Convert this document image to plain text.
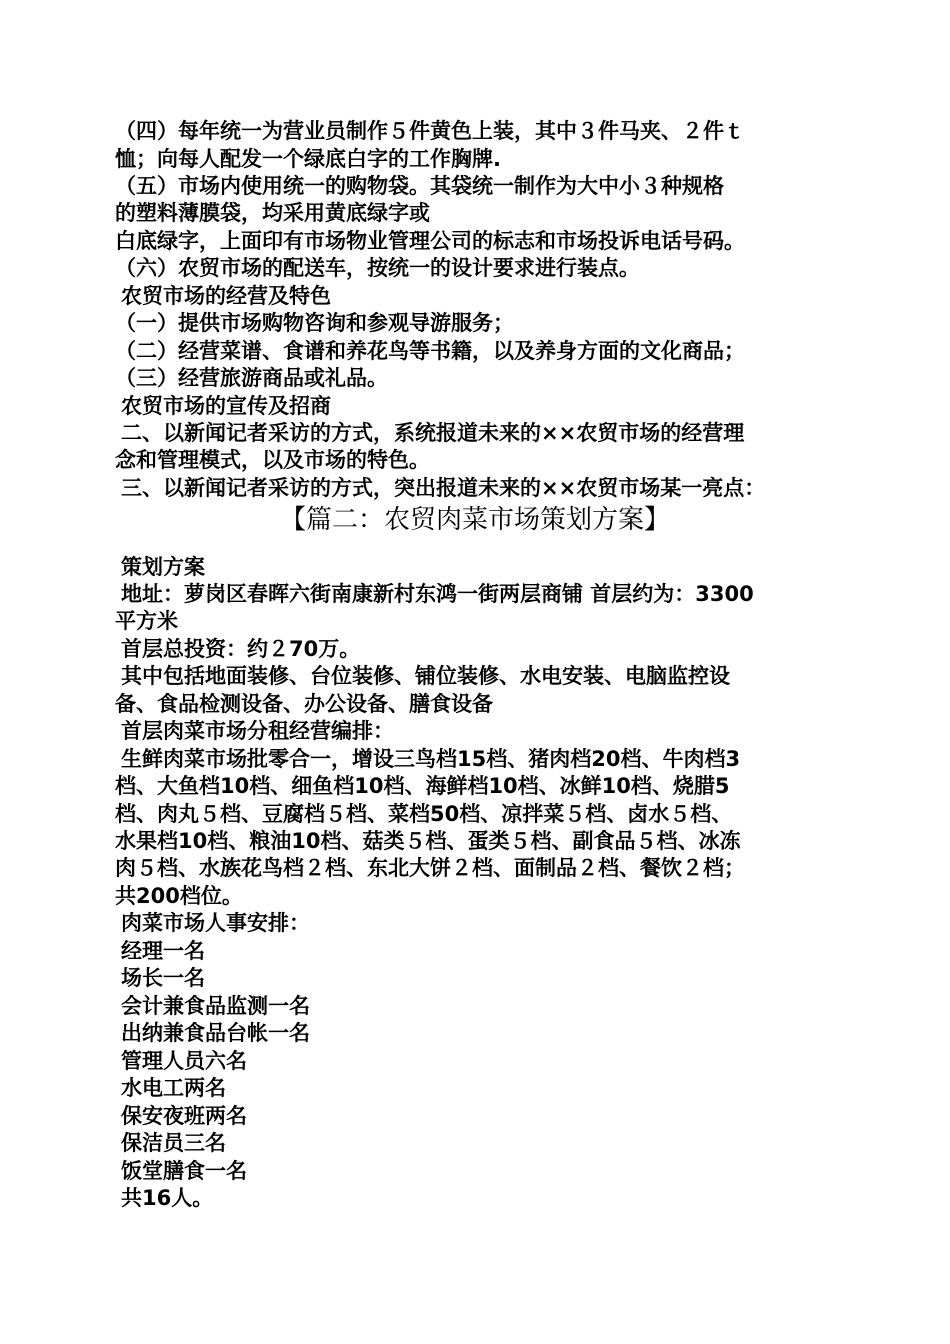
（四）每年统一为营业员制作５件黄色上装，其中３件马夹、２件ｔ
恤；向每人配发一个绿底白字的工作胸牌.
（五）市场内使用统一的购物袋。其袋统一制作为大中小３种规格
的塑料薄膜袋，均采用黄底绿字或
白底绿字，上面印有市场物业管理公司的标志和市场投诉电话号码。
（六）农贸市场的配送车，按统一的设计要求进行装点。
农贸市场的经营及特色
（一）提供市场购物咨询和参观导游服务；
（二）经营菜谱、食谱和养花鸟等书籍，以及养身方面的文化商品；
（三）经营旅游商品或礼品。
农贸市场的宣传及招商
二、以新闻记者采访的方式，系统报道未来的××农贸市场的经营理
念和管理模式，以及市场的特色。
三、以新闻记者采访的方式，突出报道未来的××农贸市场某一亮点：
【篇二：农贸肉菜市场策划方案】
策划方案
地址：萝岗区春晖六街南康新村东鸿一街两层商铺 首层约为：3300
平方米
首层总投资：约２70万。
其中包括地面装修、台位装修、铺位装修、水电安装、电脑监控设
备、食品检测设备、办公设备、膳食设备
首层肉菜市场分租经营编排：
生鲜肉菜市场批零合一，增设三鸟档15档、猪肉档20档、牛肉档3
档、大鱼档10档、细鱼档10档、海鲜档10档、冰鲜10档、烧腊5
档、肉丸５档、豆腐档５档、菜档50档、凉拌菜５档、卤水５档、
水果档10档、粮油10档、菇类５档、蛋类５档、副食品５档、冰冻
肉５档、水族花鸟档２档、东北大饼２档、面制品２档、餐饮２档；
共200档位。
肉菜市场人事安排：
经理一名
场长一名
会计兼食品监测一名
出纳兼食品台帐一名
管理人员六名
水电工两名
保安夜班两名
保洁员三名
饭堂膳食一名
共16人。
